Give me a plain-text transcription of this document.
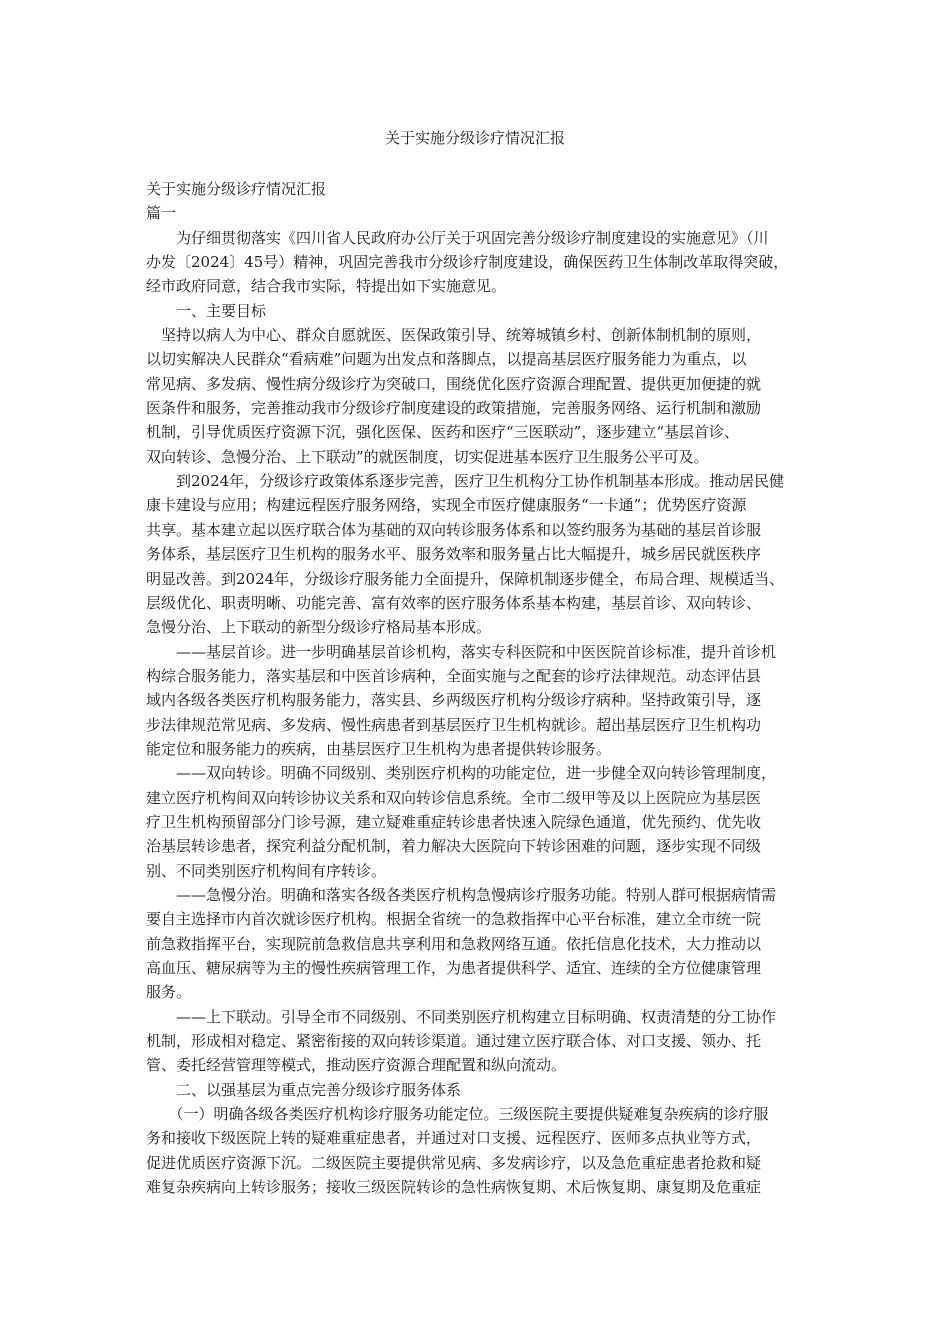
关于实施分级诊疗情况汇报
关于实施分级诊疗情况汇报
篇一
　　为仔细贯彻落实《四川省人民政府办公厅关于巩固完善分级诊疗制度建设的实施意见》（川
办发〔2024〕45号）精神，巩固完善我市分级诊疗制度建设，确保医药卫生体制改革取得突破，
经市政府同意，结合我市实际，特提出如下实施意见。
　　一、主要目标
　坚持以病人为中心、群众自愿就医、医保政策引导、统筹城镇乡村、创新体制机制的原则，
以切实解决人民群众“看病难”问题为出发点和落脚点，以提高基层医疗服务能力为重点，以
常见病、多发病、慢性病分级诊疗为突破口，围绕优化医疗资源合理配置、提供更加便捷的就
医条件和服务，完善推动我市分级诊疗制度建设的政策措施，完善服务网络、运行机制和激励
机制，引导优质医疗资源下沉，强化医保、医药和医疗“三医联动”，逐步建立“基层首诊、
双向转诊、急慢分治、上下联动”的就医制度，切实促进基本医疗卫生服务公平可及。
　　到2024年，分级诊疗政策体系逐步完善，医疗卫生机构分工协作机制基本形成。推动居民健
康卡建设与应用；构建远程医疗服务网络，实现全市医疗健康服务“一卡通”；优势医疗资源
共享。基本建立起以医疗联合体为基础的双向转诊服务体系和以签约服务为基础的基层首诊服
务体系，基层医疗卫生机构的服务水平、服务效率和服务量占比大幅提升，城乡居民就医秩序
明显改善。到2024年，分级诊疗服务能力全面提升，保障机制逐步健全，布局合理、规模适当、
层级优化、职责明晰、功能完善、富有效率的医疗服务体系基本构建，基层首诊、双向转诊、
急慢分治、上下联动的新型分级诊疗格局基本形成。
　　——基层首诊。进一步明确基层首诊机构，落实专科医院和中医医院首诊标准，提升首诊机
构综合服务能力，落实基层和中医首诊病种，全面实施与之配套的诊疗法律规范。动态评估县
域内各级各类医疗机构服务能力，落实县、乡两级医疗机构分级诊疗病种。坚持政策引导，逐
步法律规范常见病、多发病、慢性病患者到基层医疗卫生机构就诊。超出基层医疗卫生机构功
能定位和服务能力的疾病，由基层医疗卫生机构为患者提供转诊服务。
　　——双向转诊。明确不同级别、类别医疗机构的功能定位，进一步健全双向转诊管理制度，
建立医疗机构间双向转诊协议关系和双向转诊信息系统。全市二级甲等及以上医院应为基层医
疗卫生机构预留部分门诊号源，建立疑难重症转诊患者快速入院绿色通道，优先预约、优先收
治基层转诊患者，探究利益分配机制，着力解决大医院向下转诊困难的问题，逐步实现不同级
别、不同类别医疗机构间有序转诊。
　　——急慢分治。明确和落实各级各类医疗机构急慢病诊疗服务功能。特别人群可根据病情需
要自主选择市内首次就诊医疗机构。根据全省统一的急救指挥中心平台标准，建立全市统一院
前急救指挥平台，实现院前急救信息共享利用和急救网络互通。依托信息化技术，大力推动以
高血压、糖尿病等为主的慢性疾病管理工作，为患者提供科学、适宜、连续的全方位健康管理
服务。
　　——上下联动。引导全市不同级别、不同类别医疗机构建立目标明确、权责清楚的分工协作
机制，形成相对稳定、紧密衔接的双向转诊渠道。通过建立医疗联合体、对口支援、领办、托
管、委托经营管理等模式，推动医疗资源合理配置和纵向流动。
　　二、以强基层为重点完善分级诊疗服务体系
　　（一）明确各级各类医疗机构诊疗服务功能定位。三级医院主要提供疑难复杂疾病的诊疗服
务和接收下级医院上转的疑难重症患者，并通过对口支援、远程医疗、医师多点执业等方式，
促进优质医疗资源下沉。二级医院主要提供常见病、多发病诊疗，以及急危重症患者抢救和疑
难复杂疾病向上转诊服务；接收三级医院转诊的急性病恢复期、术后恢复期、康复期及危重症
